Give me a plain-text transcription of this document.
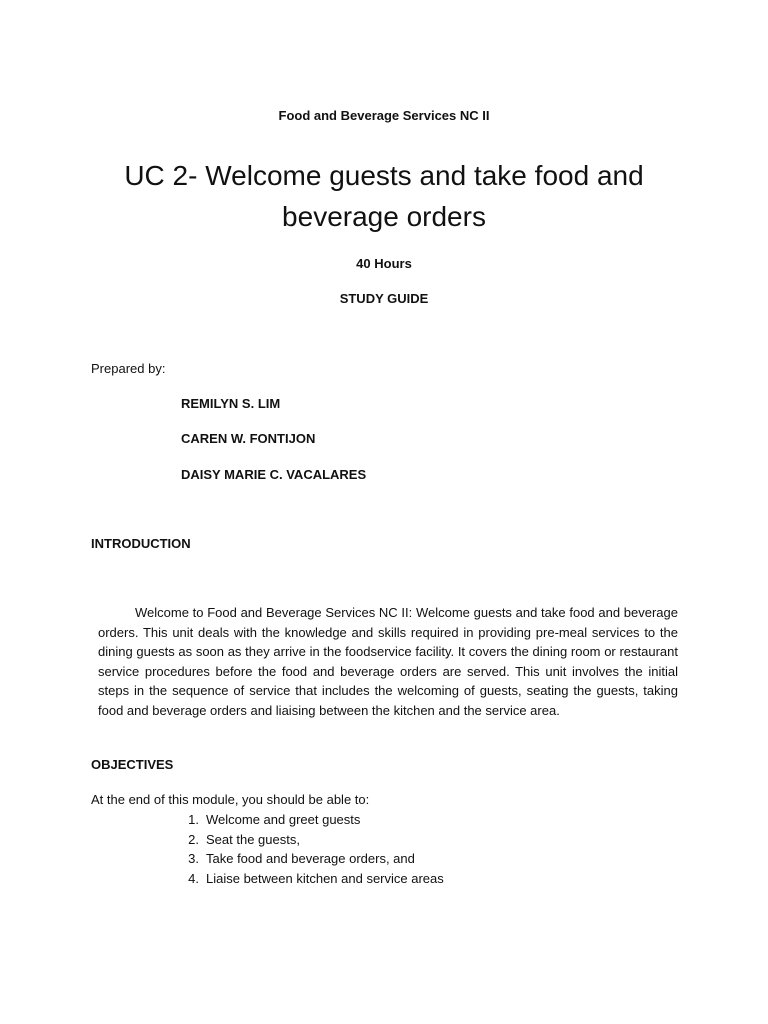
Food and Beverage Services NC II
UC 2- Welcome guests and take food and beverage orders
40 Hours
STUDY GUIDE
Prepared by:
REMILYN S. LIM
CAREN W. FONTIJON
DAISY MARIE C. VACALARES
INTRODUCTION

Welcome to Food and Beverage Services NC II: Welcome guests and take food and beverage orders. This unit deals with the knowledge and skills required in providing pre-meal services to the dining guests as soon as they arrive in the foodservice facility. It covers the dining room or restaurant service procedures before the food and beverage orders are served. This unit involves the initial steps in the sequence of service that includes the welcoming of guests, seating the guests, taking food and beverage orders and liaising between the kitchen and the service area.

OBJECTIVES
At the end of this module, you should be able to:
1. Welcome and greet guests
2. Seat the guests,
3. Take food and beverage orders, and
4. Liaise between kitchen and service areas
